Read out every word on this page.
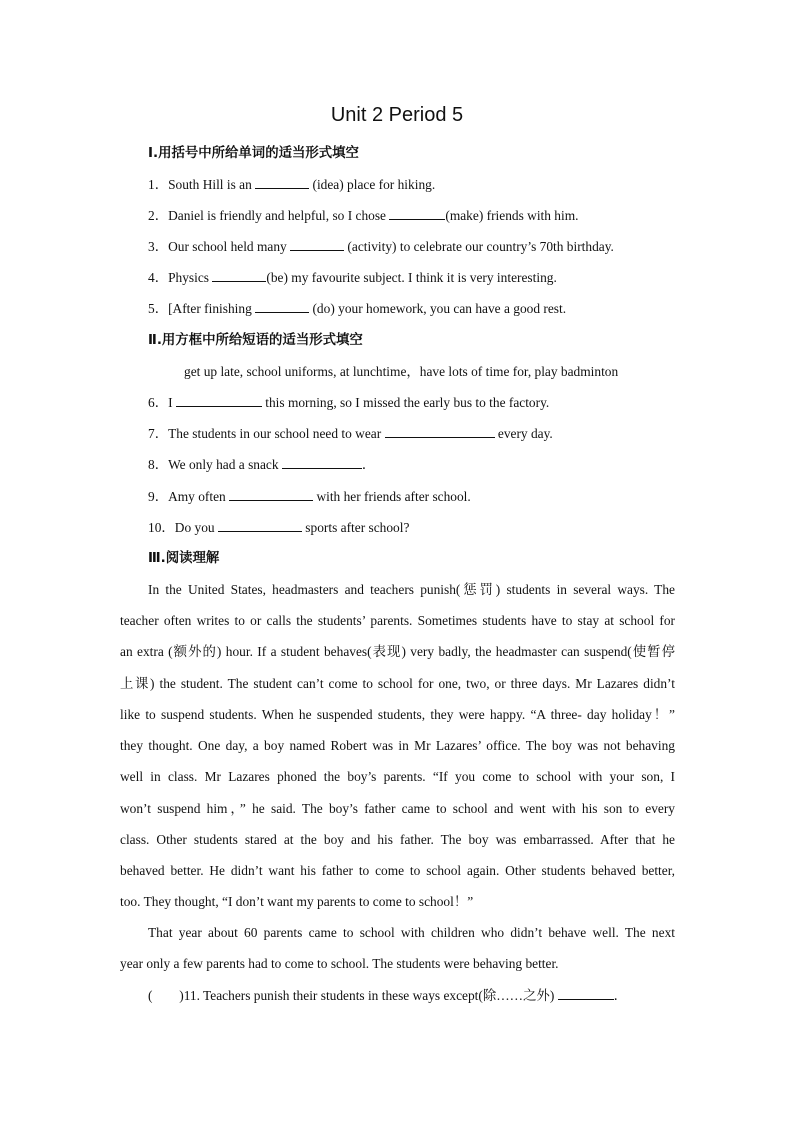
Unit 2 Period 5
Ⅰ.用括号中所给单词的适当形式填空
1．South Hill is an	(idea) place for hiking.
2．Daniel is friendly and helpful, so I chose	(make) friends with him.
3．Our school held many	(activity) to celebrate our country’s 70th birthday.
4．Physics	(be) my favourite subject. I think it is very interesting.
5．[After finishing	(do) your homework, you can have a good rest.
Ⅱ.用方框中所给短语的适当形式填空
get up late, school uniforms, at lunchtime，have lots of time for, play badminton
6．I	this morning, so I missed the early bus to the factory.
7．The students in our school need to wear	every day.
8．We only had a snack	．
9．Amy often	with her friends after school.
10．Do you	sports after school?
Ⅲ.阅读理解
In the United States, headmasters and teachers punish(惩罚) students in several ways. The
teacher often writes to or calls the students’ parents. Sometimes students have to stay at school for
an extra (额外的) hour. If a student behaves(表现) very badly, the headmaster can suspend(使暂停
上课) the student. The student can’t come to school for one, two, or three days. Mr Lazares didn’t
like to suspend students. When he suspended students, they were happy. “A three- day holiday！”
they thought. One day, a boy named Robert was in Mr Lazares’ office. The boy was not behaving
well in class. Mr Lazares phoned the boy’s parents. “If you come to school with your son, I
won’t suspend him，” he said. The boy’s father came to school and went with his son to every
class. Other students stared at the boy and his father. The boy was embarrassed. After that he
behaved better. He didn’t want his father to come to school again. Other students behaved better,
too. They thought, “I don’t want my parents to come to school！”
That year about 60 parents came to school with children who didn’t behave well. The next
year only a few parents had to come to school. The students were behaving better.
(　　)11. Teachers punish their students in these ways except(除……之外)	．
